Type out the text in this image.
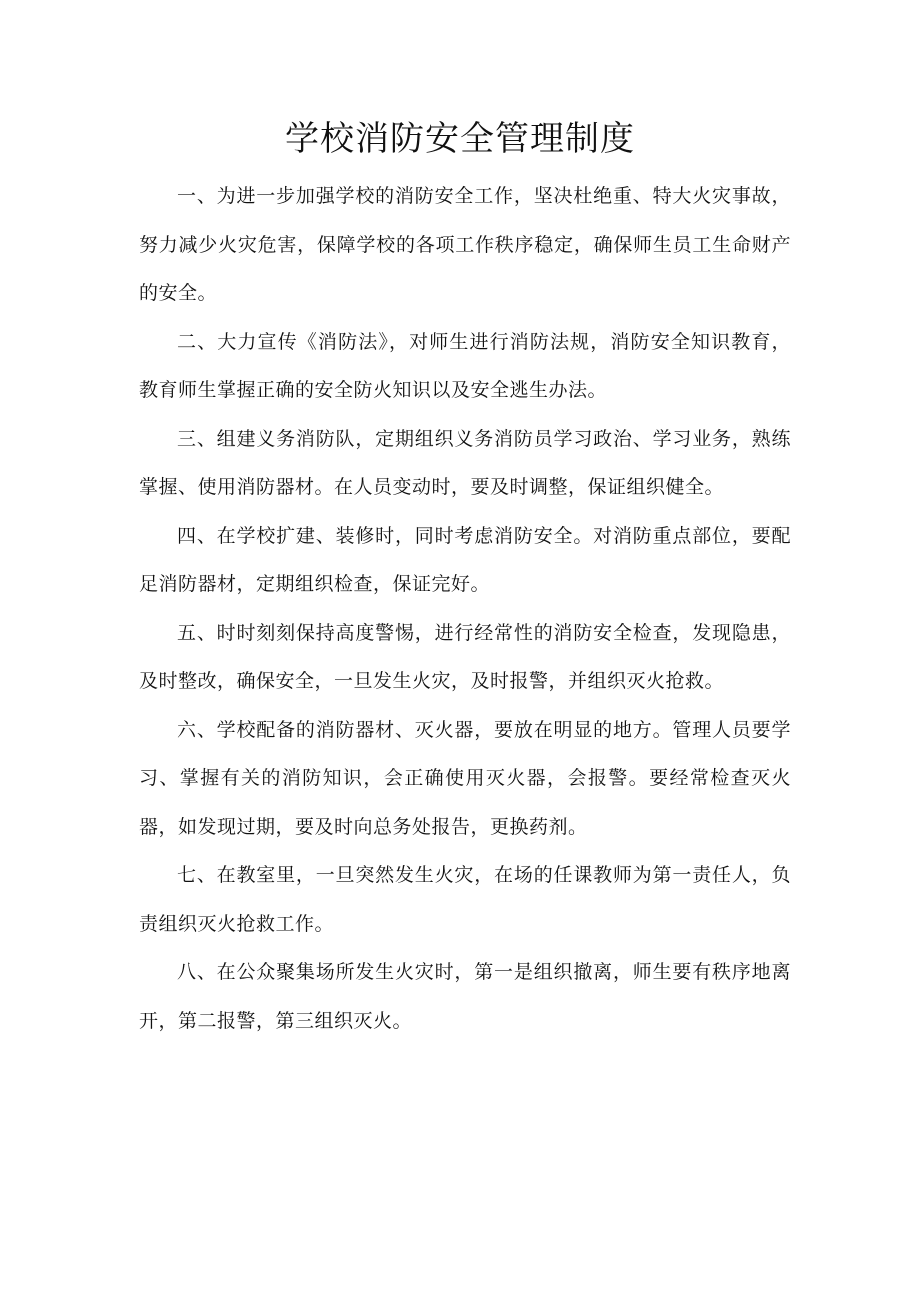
学校消防安全管理制度

一、为进一步加强学校的消防安全工作，坚决杜绝重、特大火灾事故，努力减少火灾危害，保障学校的各项工作秩序稳定，确保师生员工生命财产的安全。

二、大力宣传《消防法》，对师生进行消防法规，消防安全知识教育，教育师生掌握正确的安全防火知识以及安全逃生办法。

三、组建义务消防队，定期组织义务消防员学习政治、学习业务，熟练掌握、使用消防器材。在人员变动时，要及时调整，保证组织健全。

四、在学校扩建、装修时，同时考虑消防安全。对消防重点部位，要配足消防器材，定期组织检查，保证完好。

五、时时刻刻保持高度警惕，进行经常性的消防安全检查，发现隐患，及时整改，确保安全，一旦发生火灾，及时报警，并组织灭火抢救。

六、学校配备的消防器材、灭火器，要放在明显的地方。管理人员要学习、掌握有关的消防知识，会正确使用灭火器，会报警。要经常检查灭火器，如发现过期，要及时向总务处报告，更换药剂。

七、在教室里，一旦突然发生火灾，在场的任课教师为第一责任人，负责组织灭火抢救工作。

八、在公众聚集场所发生火灾时，第一是组织撤离，师生要有秩序地离开，第二报警，第三组织灭火。
